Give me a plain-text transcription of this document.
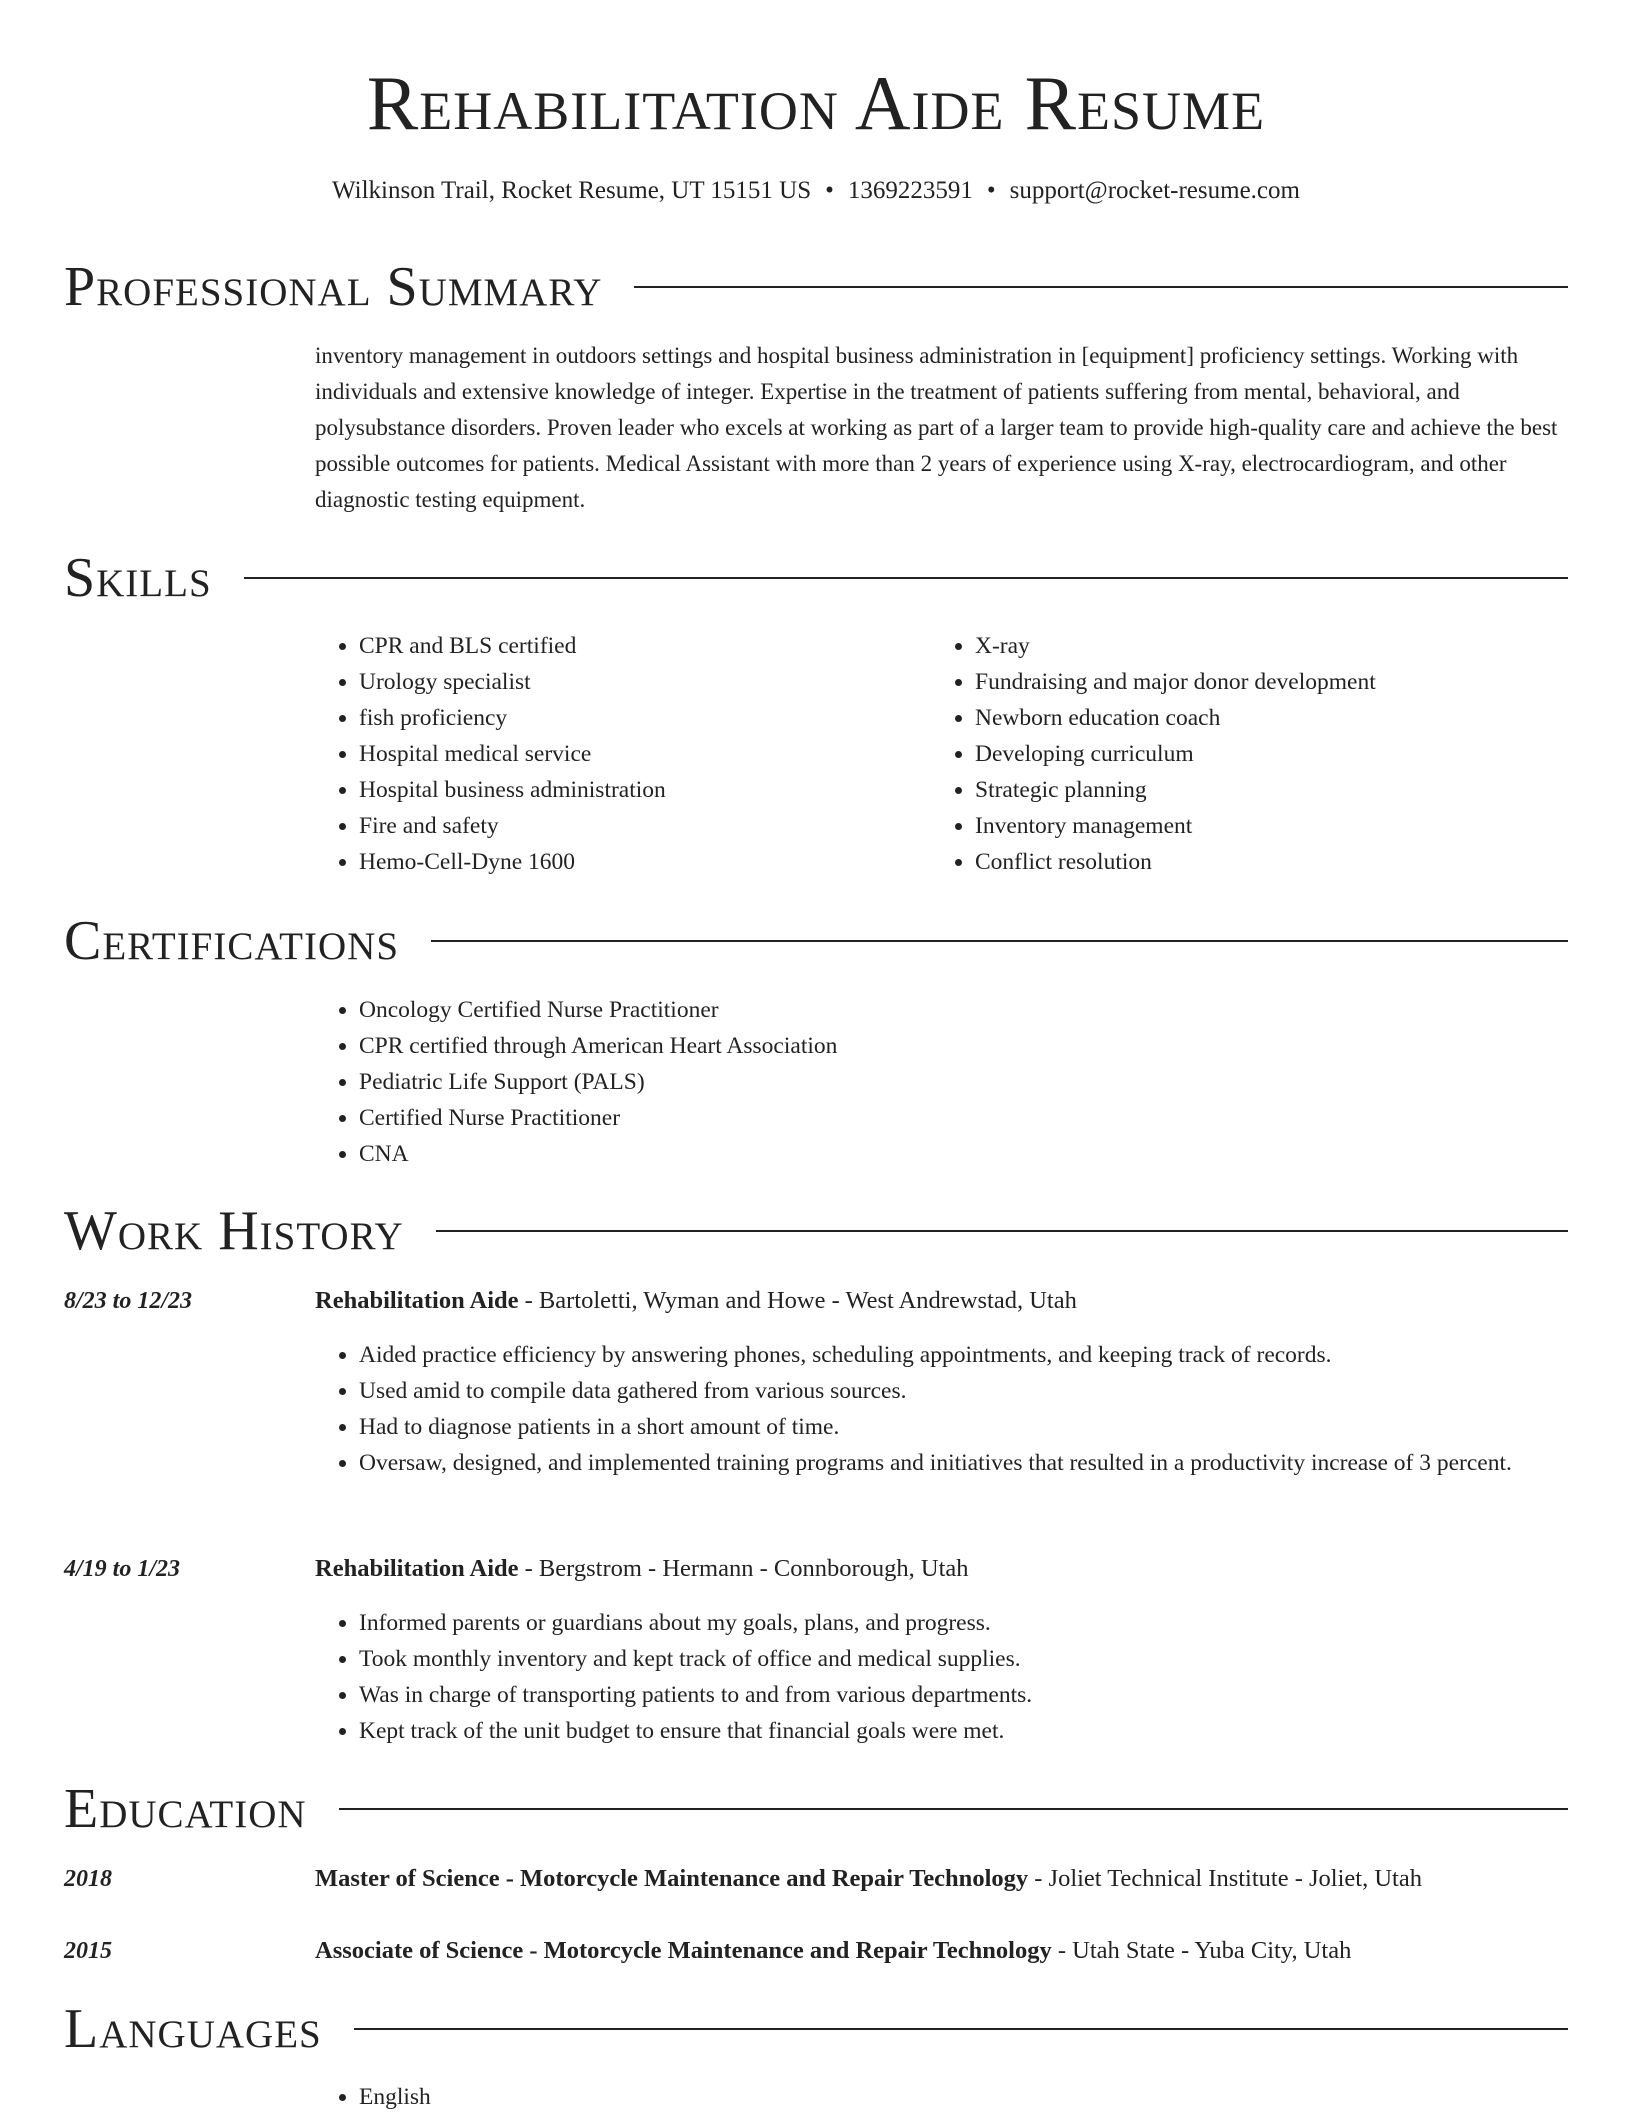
Rehabilitation Aide Resume
Wilkinson Trail, Rocket Resume, UT 15151 US • 1369223591 • support@rocket-resume.com
Professional Summary

inventory management in outdoors settings and hospital business administration in [equipment] proficiency settings. Working with individuals and extensive knowledge of integer. Expertise in the treatment of patients suffering from mental, behavioral, and polysubstance disorders. Proven leader who excels at working as part of a larger team to provide high-quality care and achieve the best possible outcomes for patients. Medical Assistant with more than 2 years of experience using X-ray, electrocardiogram, and other diagnostic testing equipment.

Skills
• CPR and BLS certified
• Urology specialist
• fish proficiency
• Hospital medical service
• Hospital business administration
• Fire and safety
• Hemo-Cell-Dyne 1600
• X-ray
• Fundraising and major donor development
• Newborn education coach
• Developing curriculum
• Strategic planning
• Inventory management
• Conflict resolution
Certifications
• Oncology Certified Nurse Practitioner
• CPR certified through American Heart Association
• Pediatric Life Support (PALS)
• Certified Nurse Practitioner
• CNA
Work History
8/23 to 12/23	Rehabilitation Aide - Bartoletti, Wyman and Howe - West Andrewstad, Utah

• Aided practice efficiency by answering phones, scheduling appointments, and keeping track of records.
• Used amid to compile data gathered from various sources.
• Had to diagnose patients in a short amount of time.
• Oversaw, designed, and implemented training programs and initiatives that resulted in a productivity increase of 3 percent.
4/19 to 1/23	Rehabilitation Aide - Bergstrom - Hermann - Connborough, Utah

• Informed parents or guardians about my goals, plans, and progress.
• Took monthly inventory and kept track of office and medical supplies.
• Was in charge of transporting patients to and from various departments.
• Kept track of the unit budget to ensure that financial goals were met.
Education
2018	Master of Science - Motorcycle Maintenance and Repair Technology - Joliet Technical Institute - Joliet, Utah

2015	Associate of Science - Motorcycle Maintenance and Repair Technology - Utah State - Yuba City, Utah

Languages
• English
